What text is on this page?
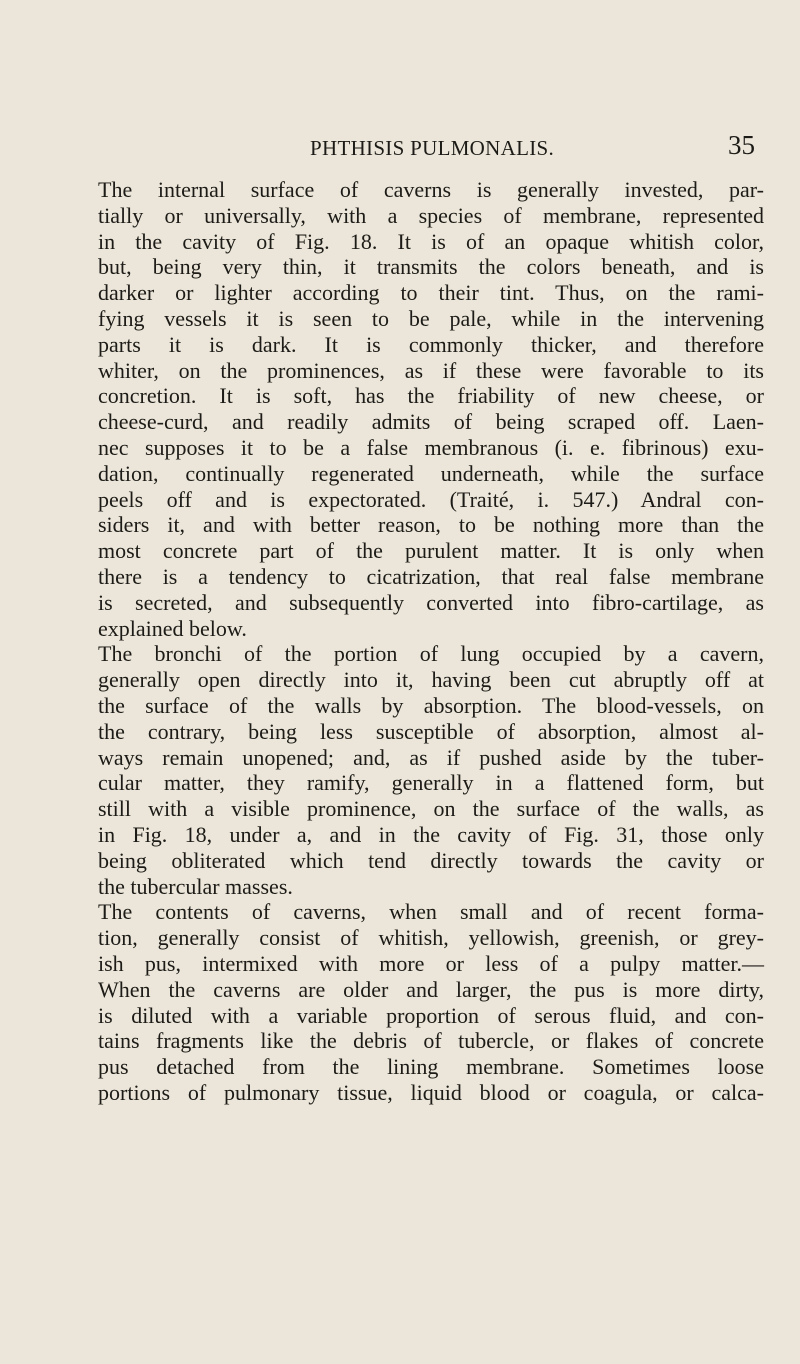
PHTHISIS PULMONALIS.	35
The internal surface of caverns is generally invested, par-
tially or universally, with a species of membrane, represented
in the cavity of Fig. 18. It is of an opaque whitish color,
but, being very thin, it transmits the colors beneath, and is
darker or lighter according to their tint. Thus, on the rami-
fying vessels it is seen to be pale, while in the intervening
parts it is dark. It is commonly thicker, and therefore
whiter, on the prominences, as if these were favorable to its
concretion. It is soft, has the friability of new cheese, or
cheese-curd, and readily admits of being scraped off. Laen-
nec supposes it to be a false membranous (i. e. fibrinous) exu-
dation, continually regenerated underneath, while the surface
peels off and is expectorated. (Traité, i. 547.) Andral con-
siders it, and with better reason, to be nothing more than the
most concrete part of the purulent matter. It is only when
there is a tendency to cicatrization, that real false membrane
is secreted, and subsequently converted into fibro-cartilage, as
explained below.
The bronchi of the portion of lung occupied by a cavern,
generally open directly into it, having been cut abruptly off at
the surface of the walls by absorption. The blood-vessels, on
the contrary, being less susceptible of absorption, almost al-
ways remain unopened; and, as if pushed aside by the tuber-
cular matter, they ramify, generally in a flattened form, but
still with a visible prominence, on the surface of the walls, as
in Fig. 18, under a, and in the cavity of Fig. 31, those only
being obliterated which tend directly towards the cavity or
the tubercular masses.
The contents of caverns, when small and of recent forma-
tion, generally consist of whitish, yellowish, greenish, or grey-
ish pus, intermixed with more or less of a pulpy matter.—
When the caverns are older and larger, the pus is more dirty,
is diluted with a variable proportion of serous fluid, and con-
tains fragments like the debris of tubercle, or flakes of concrete
pus detached from the lining membrane. Sometimes loose
portions of pulmonary tissue, liquid blood or coagula, or calca-
